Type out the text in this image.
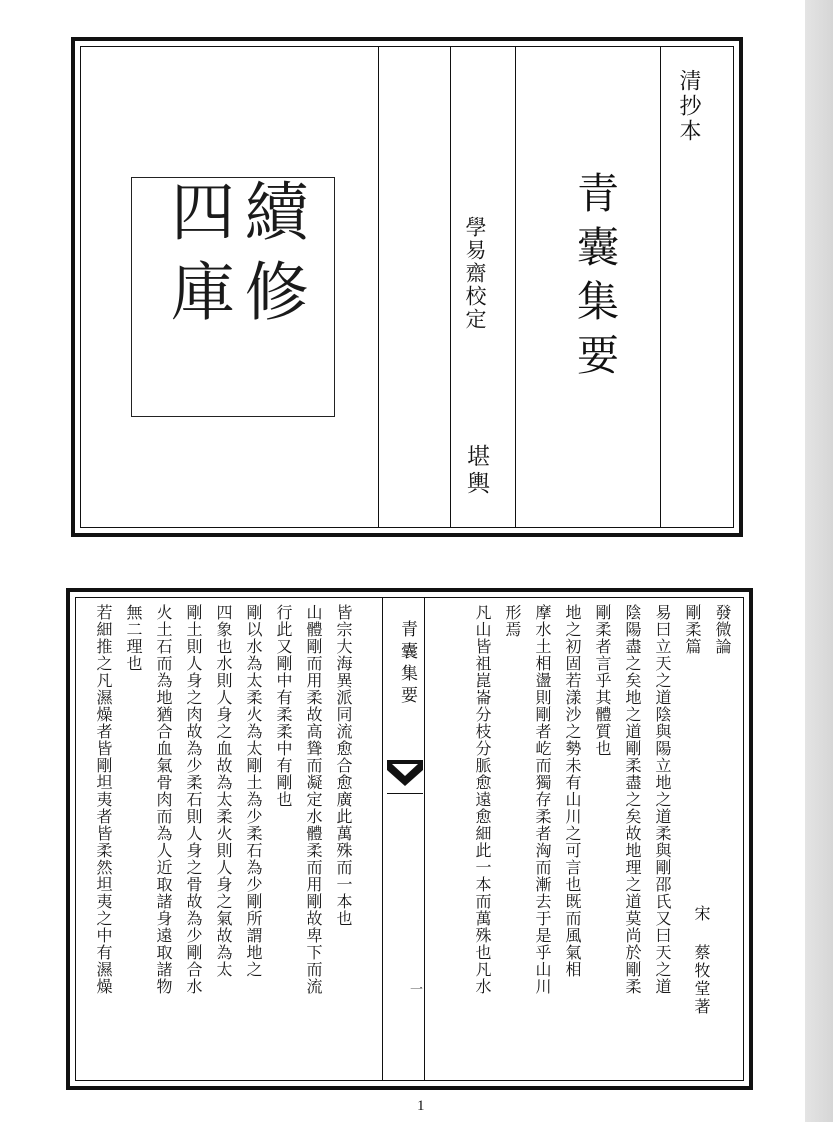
續修四庫	學易齋校定
堪輿
青囊集要
清抄本
青囊集要
一
發微論
剛柔篇
易曰立天之道陰與陽立地之道柔與剛邵氏又曰天之道
陰陽盡之矣地之道剛柔盡之矣故地理之道莫尚於剛柔
剛柔者言乎其體質也
地之初固若漾沙之勢未有山川之可言也既而風氣相
摩水土相盪則剛者屹而獨存柔者洶而漸去于是乎山川
形焉
凡山皆祖崑崙分枝分脈愈遠愈細此一本而萬殊也凡水	宋 蔡牧堂著
皆宗大海異派同流愈合愈廣此萬殊而一本也
山體剛而用柔故高聳而凝定水體柔而用剛故卑下而流
行此又剛中有柔柔中有剛也
剛以水為太柔火為太剛土為少柔石為少剛所謂地之
四象也水則人身之血故為太柔火則人身之氣故為太
剛土則人身之肉故為少柔石則人身之骨故為少剛合水
火土石而為地猶合血氣骨肉而為人近取諸身遠取諸物
無二理也
若細推之凡濕燥者皆剛坦夷者皆柔然坦夷之中有濕燥
1
